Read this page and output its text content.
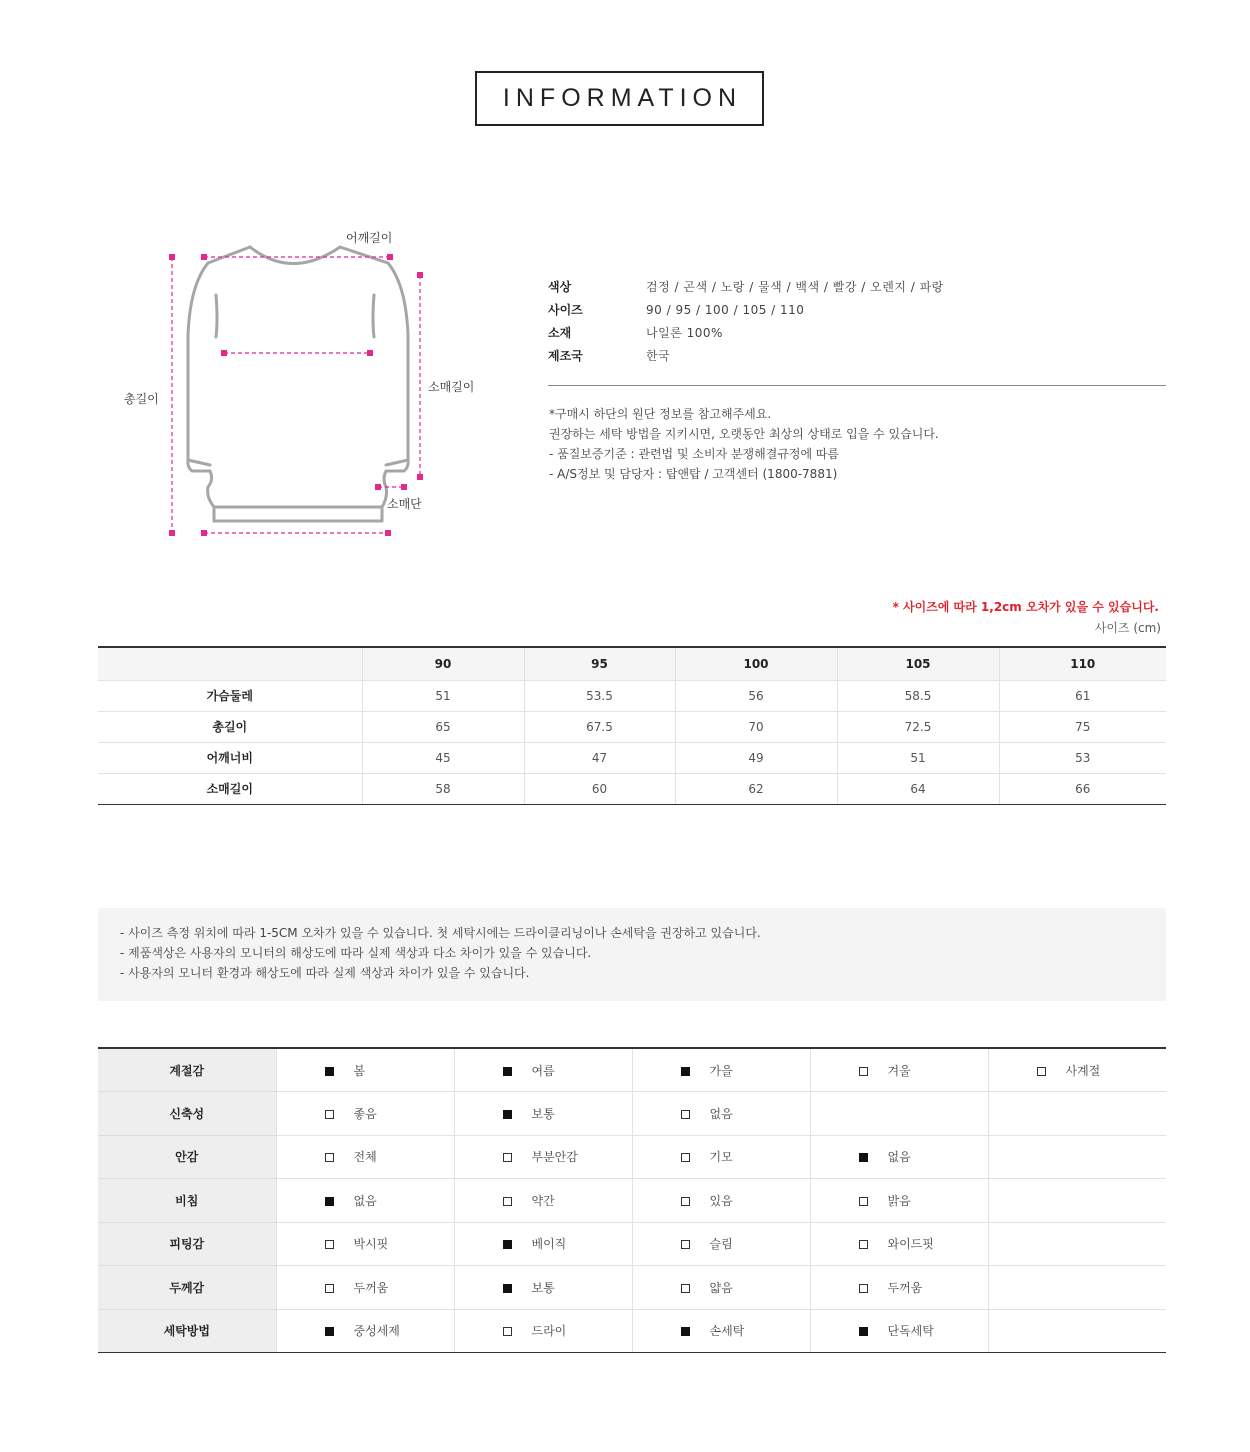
INFORMATION
어깨길이
총길이
소매길이
소매단
색상	검정 / 곤색 / 노랑 / 물색 / 백색 / 빨강 / 오렌지 / 파랑
사이즈	90 / 95 / 100 / 105 / 110
소재	나일론 100%
제조국	한국

*구매시 하단의 원단 정보를 참고해주세요.

권장하는 세탁 방법을 지키시면, 오랫동안 최상의 상태로 입을 수 있습니다.

- 품질보증기준 : 관련법 및 소비자 분쟁해결규정에 따름

- A/S정보 및 담당자 : 탑앤탑 / 고객센터 (1800-7881)

* 사이즈에 따라 1,2cm 오차가 있을 수 있습니다.
사이즈 (cm)
	90	95	100	105	110
가슴둘레	51	53.5	56	58.5	61
총길이	65	67.5	70	72.5	75
어깨너비	45	47	49	51	53
소매길이	58	60	62	64	66

- 사이즈 측정 위치에 따라 1-5CM 오차가 있을 수 있습니다. 첫 세탁시에는 드라이클리닝이나 손세탁을 권장하고 있습니다.

- 제품색상은 사용자의 모니터의 해상도에 따라 실제 색상과 다소 차이가 있을 수 있습니다.

- 사용자의 모니터 환경과 해상도에 따라 실제 색상과 차이가 있을 수 있습니다.

계절감	봄	여름	가을	겨울	사계절
신축성	좋음	보통	없음		
안감	전체	부분안감	기모	없음	
비침	없음	약간	있음	밝음	
피팅감	박시핏	베이직	슬림	와이드핏	
두께감	두꺼움	보통	얇음	두꺼움	
세탁방법	중성세제	드라이	손세탁	단독세탁	
